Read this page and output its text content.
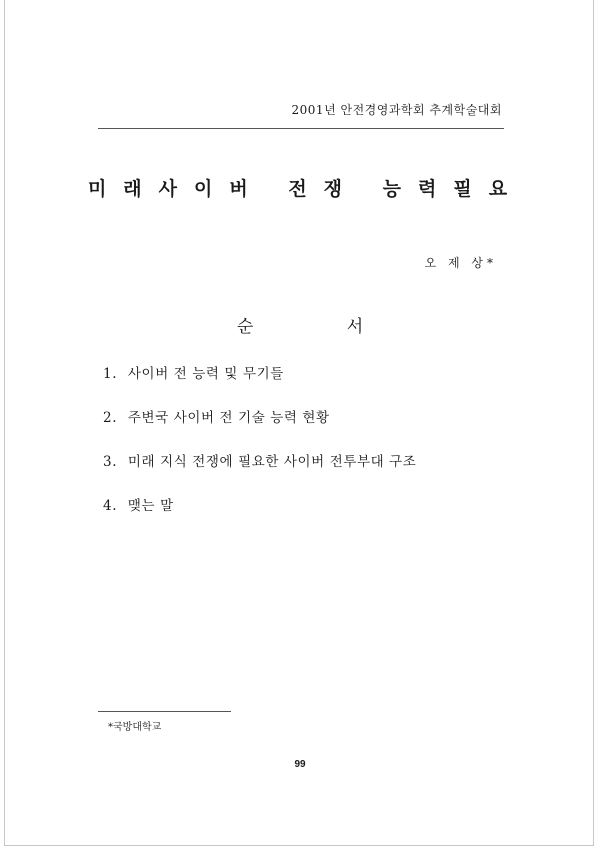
2001년 안전경영과학회 추계학술대회
미래사이버 전쟁 능력필요
오 제 상*
순 서
1. 사이버 전 능력 및 무기들
2. 주변국 사이버 전 기술 능력 현황
3. 미래 지식 전쟁에 필요한 사이버 전투부대 구조
4. 맺는 말
*국방대학교
99
